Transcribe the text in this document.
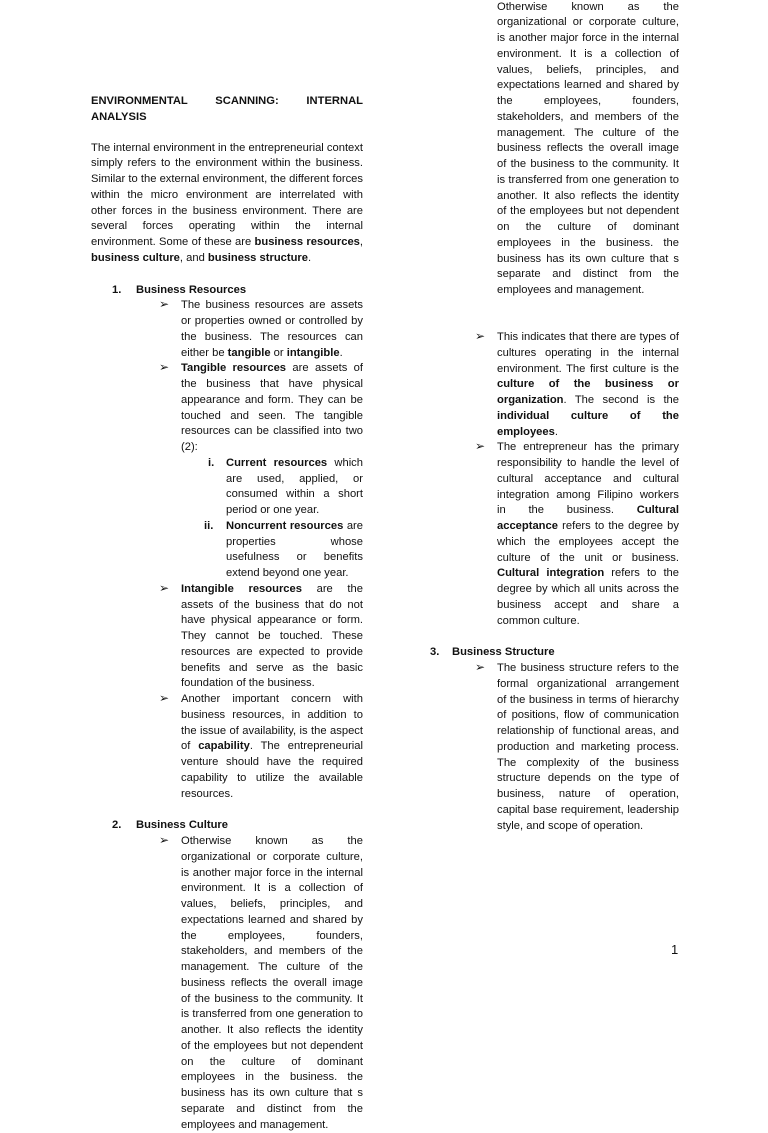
ENVIRONMENTAL SCANNING: INTERNAL ANALYSIS

The internal environment in the entrepreneurial context simply refers to the environment within the business. Similar to the external environment, the different forces within the micro environment are interrelated with other forces in the business environment. There are several forces operating within the internal environment. Some of these are business resources, business culture, and business structure.

1. Business Resources
➢ The business resources are assets or properties owned or controlled by the business. The resources can either be tangible or intangible.

➢ Tangible resources are assets of the business that have physical appearance and form. They can be touched and seen. The tangible resources can be classified into two (2):

i. Current resources which are used, applied, or consumed within a short period or one year.

ii. Noncurrent resources are properties whose usefulness or benefits extend beyond one year.

➢ Intangible resources are the assets of the business that do not have physical appearance or form. They cannot be touched. These resources are expected to provide benefits and serve as the basic foundation of the business.

➢ Another important concern with business resources, in addition to the issue of availability, is the aspect of capability. The entrepreneurial venture should have the required capability to utilize the available resources.

2. Business Culture
➢ Otherwise known as the organizational or corporate culture, is another major force in the internal environment. It is a collection of values, beliefs, principles, and expectations learned and shared by the employees, founders, stakeholders, and members of the management. The culture of the business reflects the overall image of the business to the community. It is transferred from one generation to another. It also reflects the identity of the employees but not dependent on the culture of dominant employees in the business. the business has its own culture that s separate and distinct from the employees and management.

Otherwise known as the organizational or corporate culture, is another major force in the internal environment. It is a collection of values, beliefs, principles, and expectations learned and shared by the employees, founders, stakeholders, and members of the management. The culture of the business reflects the overall image of the business to the community. It is transferred from one generation to another. It also reflects the identity of the employees but not dependent on the culture of dominant employees in the business. the business has its own culture that s separate and distinct from the employees and management.

➢ This indicates that there are types of cultures operating in the internal environment. The first culture is the culture of the business or organization. The second is the individual culture of the employees.

➢ The entrepreneur has the primary responsibility to handle the level of cultural acceptance and cultural integration among Filipino workers in the business. Cultural acceptance refers to the degree by which the employees accept the culture of the unit or business. Cultural integration refers to the degree by which all units across the business accept and share a common culture.

3. Business Structure
➢ The business structure refers to the formal organizational arrangement of the business in terms of hierarchy of positions, flow of communication relationship of functional areas, and production and marketing process. The complexity of the business structure depends on the type of business, nature of operation, capital base requirement, leadership style, and scope of operation.

1
